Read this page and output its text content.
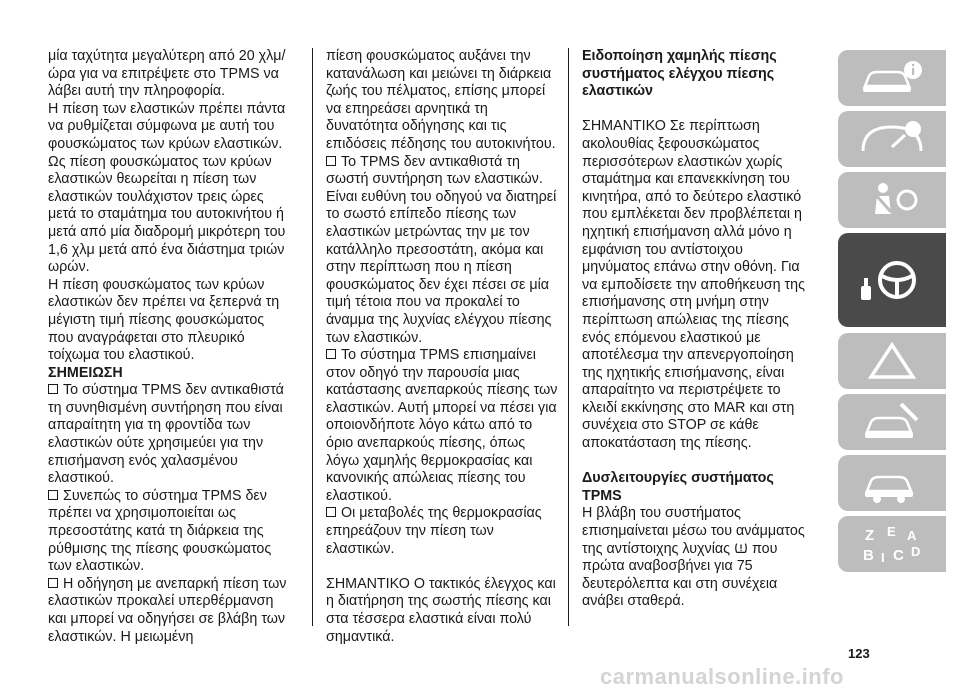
μία ταχύτητα μεγαλύτερη από 20 χλμ/ώρα για να επιτρέψετε στο TPMS να λάβει αυτή την πληροφορία.

Η πίεση των ελαστικών πρέπει πάντα να ρυθμίζεται σύμφωνα με αυτή του φουσκώματος των κρύων ελαστικών. Ως πίεση φουσκώματος των κρύων ελαστικών θεωρείται η πίεση των ελαστικών τουλάχιστον τρεις ώρες μετά το σταμάτημα του αυτοκινήτου ή μετά από μία διαδρομή μικρότερη του 1,6 χλμ μετά από ένα διάστημα τριών ωρών.

Η πίεση φουσκώματος των κρύων ελαστικών δεν πρέπει να ξεπερνά τη μέγιστη τιμή πίεσης φουσκώματος που αναγράφεται στο πλευρικό τοίχωμα του ελαστικού.

ΣΗΜΕΙΩΣΗ

Το σύστημα TPMS δεν αντικαθιστά τη συνηθισμένη συντήρηση που είναι απαραίτητη για τη φροντίδα των ελαστικών ούτε χρησιμεύει για την επισήμανση ενός χαλασμένου ελαστικού.

Συνεπώς το σύστημα TPMS δεν πρέπει να χρησιμοποιείται ως πρεσοστάτης κατά τη διάρκεια της ρύθμισης της πίεσης φουσκώματος των ελαστικών.

Η οδήγηση με ανεπαρκή πίεση των ελαστικών προκαλεί υπερθέρμανση και μπορεί να οδηγήσει σε βλάβη των ελαστικών. Η μειωμένη

πίεση φουσκώματος αυξάνει την κατανάλωση και μειώνει τη διάρκεια ζωής του πέλματος, επίσης μπορεί να επηρεάσει αρνητικά τη δυνατότητα οδήγησης και τις επιδόσεις πέδησης του αυτοκινήτου.

Το TPMS δεν αντικαθιστά τη σωστή συντήρηση των ελαστικών. Είναι ευθύνη του οδηγού να διατηρεί το σωστό επίπεδο πίεσης των ελαστικών μετρώντας την με τον κατάλληλο πρεσοστάτη, ακόμα και στην περίπτωση που η πίεση φουσκώματος δεν έχει πέσει σε μία τιμή τέτοια που να προκαλεί το άναμμα της λυχνίας ελέγχου πίεσης των ελαστικών.

Το σύστημα TPMS επισημαίνει στον οδηγό την παρουσία μιας κατάστασης ανεπαρκούς πίεσης των ελαστικών. Αυτή μπορεί να πέσει για οποιονδήποτε λόγο κάτω από το όριο ανεπαρκούς πίεσης, όπως λόγω χαμηλής θερμοκρασίας και κανονικής απώλειας πίεσης του ελαστικού.

Οι μεταβολές της θερμοκρασίας επηρεάζουν την πίεση των ελαστικών.

ΣΗΜΑΝΤΙΚΟ Ο τακτικός έλεγχος και η διατήρηση της σωστής πίεσης και στα τέσσερα ελαστικά είναι πολύ σημαντικά.

Ειδοποίηση χαμηλής πίεσης συστήματος ελέγχου πίεσης ελαστικών

ΣΗΜΑΝΤΙΚΟ Σε περίπτωση ακολουθίας ξεφουσκώματος περισσότερων ελαστικών χωρίς σταμάτημα και επανεκκίνηση του κινητήρα, από το δεύτερο ελαστικό που εμπλέκεται δεν προβλέπεται η ηχητική επισήμανση αλλά μόνο η εμφάνιση του αντίστοιχου μηνύματος επάνω στην οθόνη. Για να εμποδίσετε την αποθήκευση της επισήμανσης στη μνήμη στην περίπτωση απώλειας της πίεσης ενός επόμενου ελαστικού με αποτέλεσμα την απενεργοποίηση της ηχητικής επισήμανσης, είναι απαραίτητο να περιστρέψετε το κλειδί εκκίνησης στο MAR και στη συνέχεια στο STOP σε κάθε αποκατάσταση της πίεσης.

Δυσλειτουργίες συστήματος TPMS

Η βλάβη του συστήματος επισημαίνεται μέσω του ανάμματος της αντίστοιχης λυχνίας που πρώτα αναβοσβήνει για 75 δευτερόλεπτα και στη συνέχεια ανάβει σταθερά.

Z E A
B I C D
123
carmanualsonline.info
